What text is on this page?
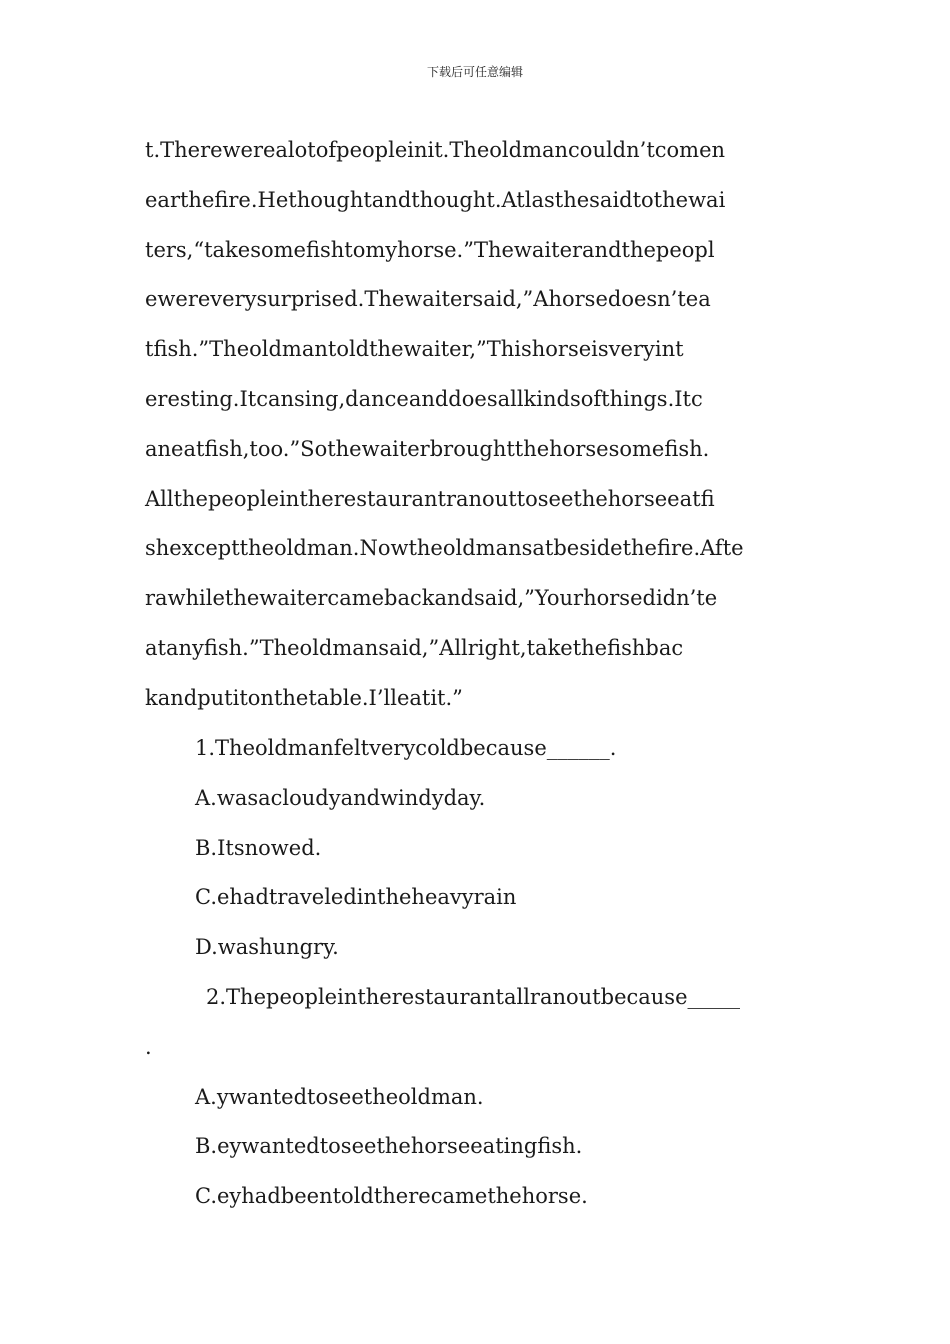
下载后可任意编辑
t.Therewerealotofpeopleinit.Theoldmancouldn’tcomen
earthefire.Hethoughtandthought.Atlasthesaidtothewai
ters,“takesomefishtomyhorse.”Thewaiterandthepeopl
ewereverysurprised.Thewaitersaid,”Ahorsedoesn’tea
tfish.”Theoldmantoldthewaiter,”Thishorseisveryint
eresting.Itcansing,danceanddoesallkindsofthings.Itc
aneatfish,too.”Sothewaiterbroughtthehorsesomefish.
Allthepeopleintherestaurantranouttoseethehorseeatfi
shexcepttheoldman.Nowtheoldmansatbesidethefire.Afte
rawhilethewaitercamebackandsaid,”Yourhorsedidn’te
atanyfish.”Theoldmansaid,”Allright,takethefishbac
kandputitonthetable.I’lleatit.”
1.Theoldmanfeltverycoldbecause______.
A.wasacloudyandwindyday.
B.Itsnowed.
C.ehadtraveledintheheavyrain
D.washungry.
2.Thepeopleintherestaurantallranoutbecause_____
.
A.ywantedtoseetheoldman.
B.eywantedtoseethehorseeatingfish.
C.eyhadbeentoldtherecamethehorse.
